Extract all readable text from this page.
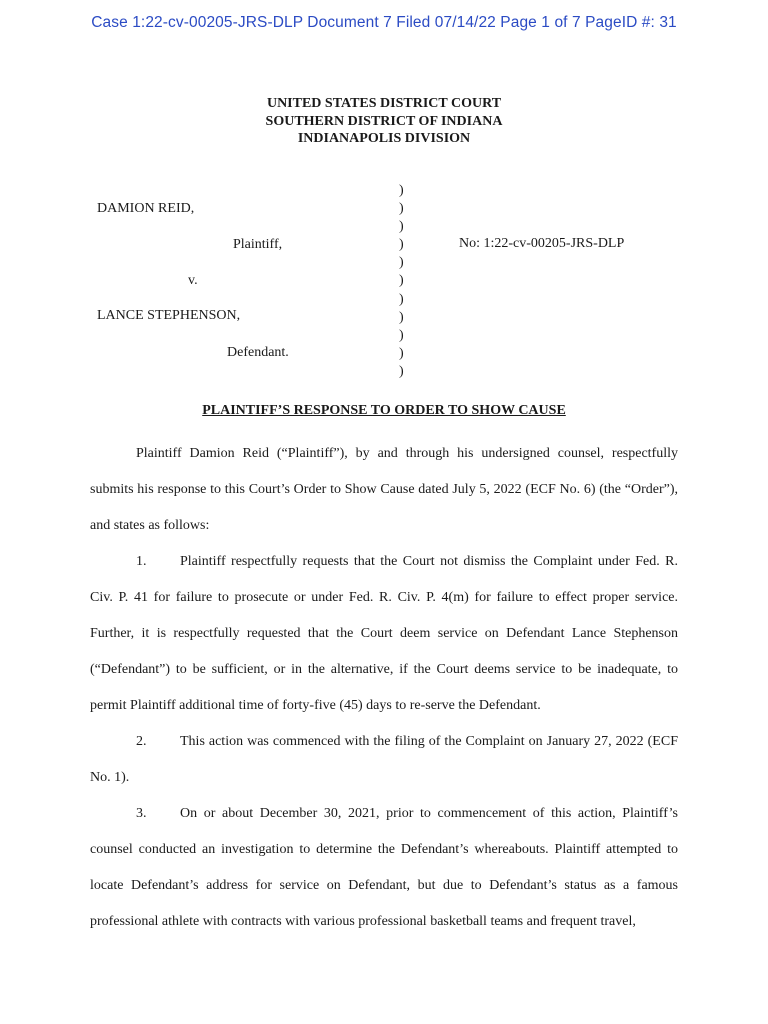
Case 1:22-cv-00205-JRS-DLP Document 7 Filed 07/14/22 Page 1 of 7 PageID #: 31
UNITED STATES DISTRICT COURT
SOUTHERN DISTRICT OF INDIANA
INDIANAPOLIS DIVISION
DAMION REID,
Plaintiff,
v.
LANCE STEPHENSON,
Defendant.
No: 1:22-cv-00205-JRS-DLP
)
)
)
)
)
)
)
)
)
)
)
PLAINTIFF’S RESPONSE TO ORDER TO SHOW CAUSE

Plaintiff Damion Reid (“Plaintiff”), by and through his undersigned counsel, respectfully submits his response to this Court’s Order to Show Cause dated July 5, 2022 (ECF No. 6) (the “Order”), and states as follows:

1. Plaintiff respectfully requests that the Court not dismiss the Complaint under Fed. R. Civ. P. 41 for failure to prosecute or under Fed. R. Civ. P. 4(m) for failure to effect proper service. Further, it is respectfully requested that the Court deem service on Defendant Lance Stephenson (“Defendant”) to be sufficient, or in the alternative, if the Court deems service to be inadequate, to permit Plaintiff additional time of forty-five (45) days to re-serve the Defendant.

2. This action was commenced with the filing of the Complaint on January 27, 2022 (ECF No. 1).

3. On or about December 30, 2021, prior to commencement of this action, Plaintiff’s counsel conducted an investigation to determine the Defendant’s whereabouts. Plaintiff attempted to locate Defendant’s address for service on Defendant, but due to Defendant’s status as a famous professional athlete with contracts with various professional basketball teams and frequent travel,
